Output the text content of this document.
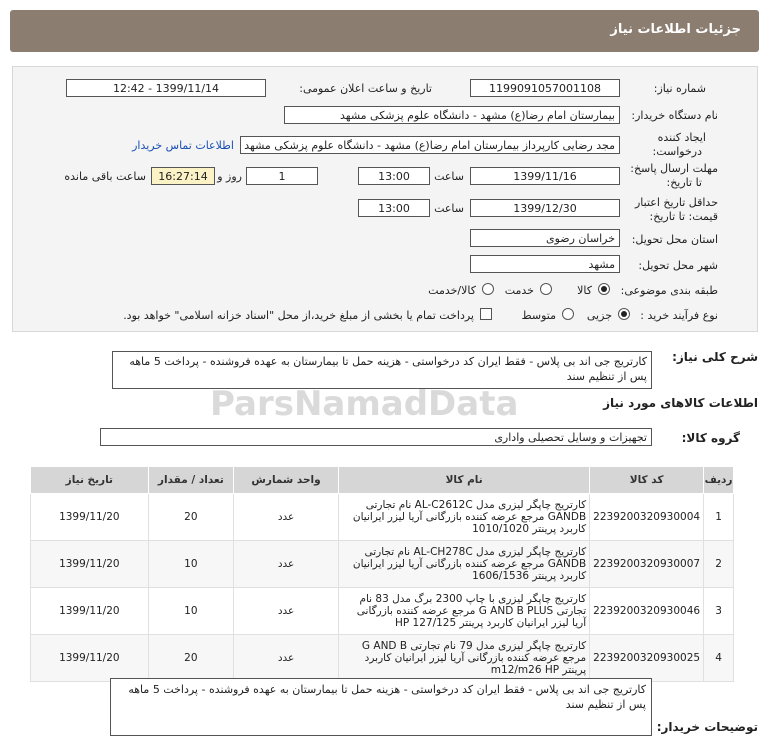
جزئیات اطلاعات نیاز
شماره نیاز:
1199091057001108
تاریخ و ساعت اعلان عمومی:
1399/11/14 - 12:42
نام دستگاه خریدار:
بیمارستان امام رضا(ع) مشهد - دانشگاه علوم پزشکی مشهد
ایجاد کننده
درخواست:
مجد رضایی کارپرداز بیمارستان امام رضا(ع) مشهد - دانشگاه علوم پزشکی مشهد
اطلاعات تماس خریدار
مهلت ارسال پاسخ:
تا تاریخ:
1399/11/16
ساعت
13:00
1
روز و
16:27:14
ساعت باقی مانده
حداقل تاریخ اعتبار
قیمت: تا تاریخ:
1399/12/30
ساعت
13:00
استان محل تحویل:
خراسان رضوی
شهر محل تحویل:
مشهد
طبقه بندی موضوعی:
کالا
خدمت
کالا/خدمت
نوع فرآیند خرید :
جزیی
متوسط
پرداخت تمام یا بخشی از مبلغ خرید،از محل "اسناد خزانه اسلامی" خواهد بود.
شرح کلی نیاز:
کارتریج جی اند بی پلاس - فقط ایران کد درخواستی - هزینه حمل تا بیمارستان به عهده فروشنده - پرداخت 5 ماهه پس از تنظیم سند
ParsNamadData	اطلاعات کالاهای مورد نیاز
گروه کالا:
تجهیزات و وسایل تحصیلی واداری
ردیف	کد کالا	نام کالا	واحد شمارش	تعداد / مقدار	تاریخ نیاز
1	2239200320930004	کارتریج چاپگر لیزری مدل AL-C2612C نام تجارتی GANDB مرجع عرضه کننده بازرگانی آریا لیزر ایرانیان کاربرد پرینتر 1010/1020	عدد	20	1399/11/20
2	2239200320930007	کارتریج چاپگر لیزری مدل AL-CH278C نام تجارتی GANDB مرجع عرضه کننده بازرگانی آریا لیزر ایرانیان کاربرد پرینتر 1606/1536	عدد	10	1399/11/20
3	2239200320930046	کارتریج چاپگر لیزری با چاپ 2300 برگ مدل 83 نام تجارتی G AND B PLUS مرجع عرضه کننده بازرگانی آریا لیزر ایرانیان کاربرد پرینتر HP 127/125	عدد	10	1399/11/20
4	2239200320930025	کارتریج چاپگر لیزری مدل 79 نام تجارتی G AND B مرجع عرضه کننده بازرگانی آریا لیزر ایرانیان کاربرد پرینتر m12/m26 HP	عدد	20	1399/11/20
کارتریج جی اند بی پلاس - فقط ایران کد درخواستی - هزینه حمل تا بیمارستان به عهده فروشنده - پرداخت 5 ماهه پس از تنظیم سند
توضیحات خریدار:
